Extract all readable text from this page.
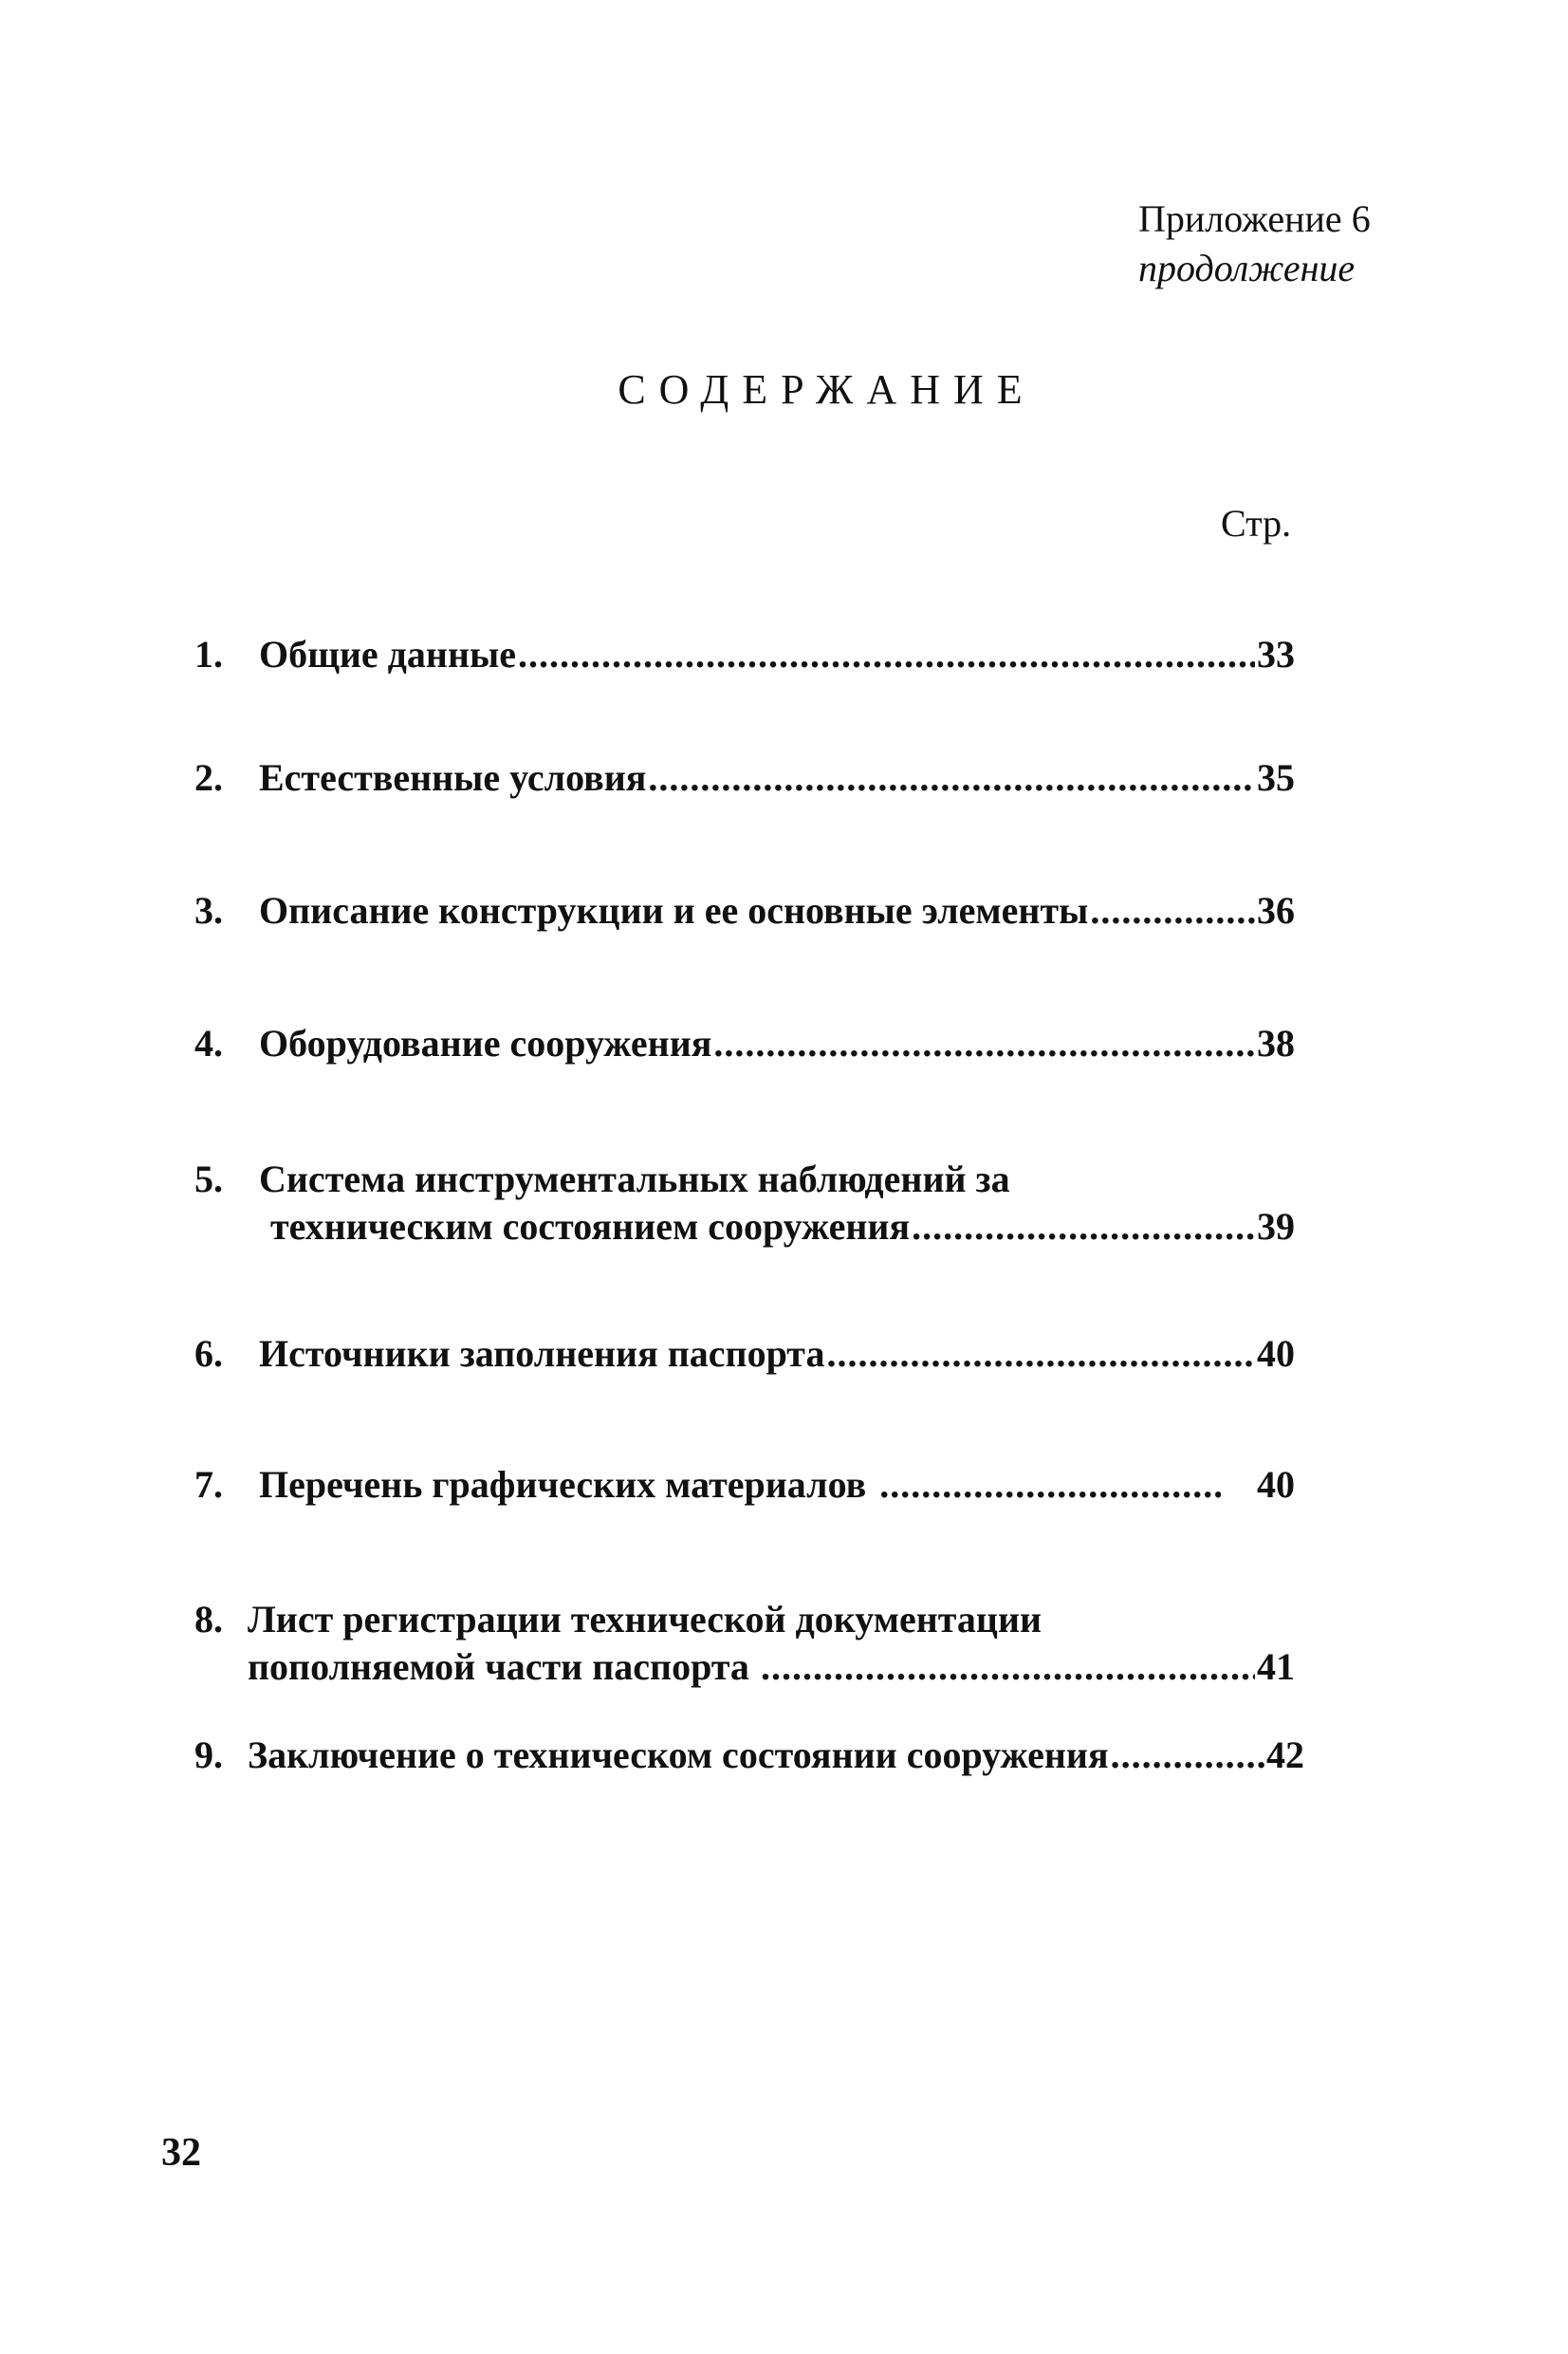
Приложение 6
продолжение
СОДЕРЖАНИЕ
Стр.
1. Общие данные .....	33
2. Естественные условия .....	35
3. Описание конструкции и ее основные элементы .....	36
4. Оборудование сооружения .....	38
5. Система инструментальных наблюдений за
техническим состоянием сооружения .....	39
6. Источники заполнения паспорта .....	40
7. Перечень графических материалов .....	40
8. Лист регистрации технической документации
пополняемой части паспорта .....	41
9. Заключение о техническом состоянии сооружения .....	42
32
